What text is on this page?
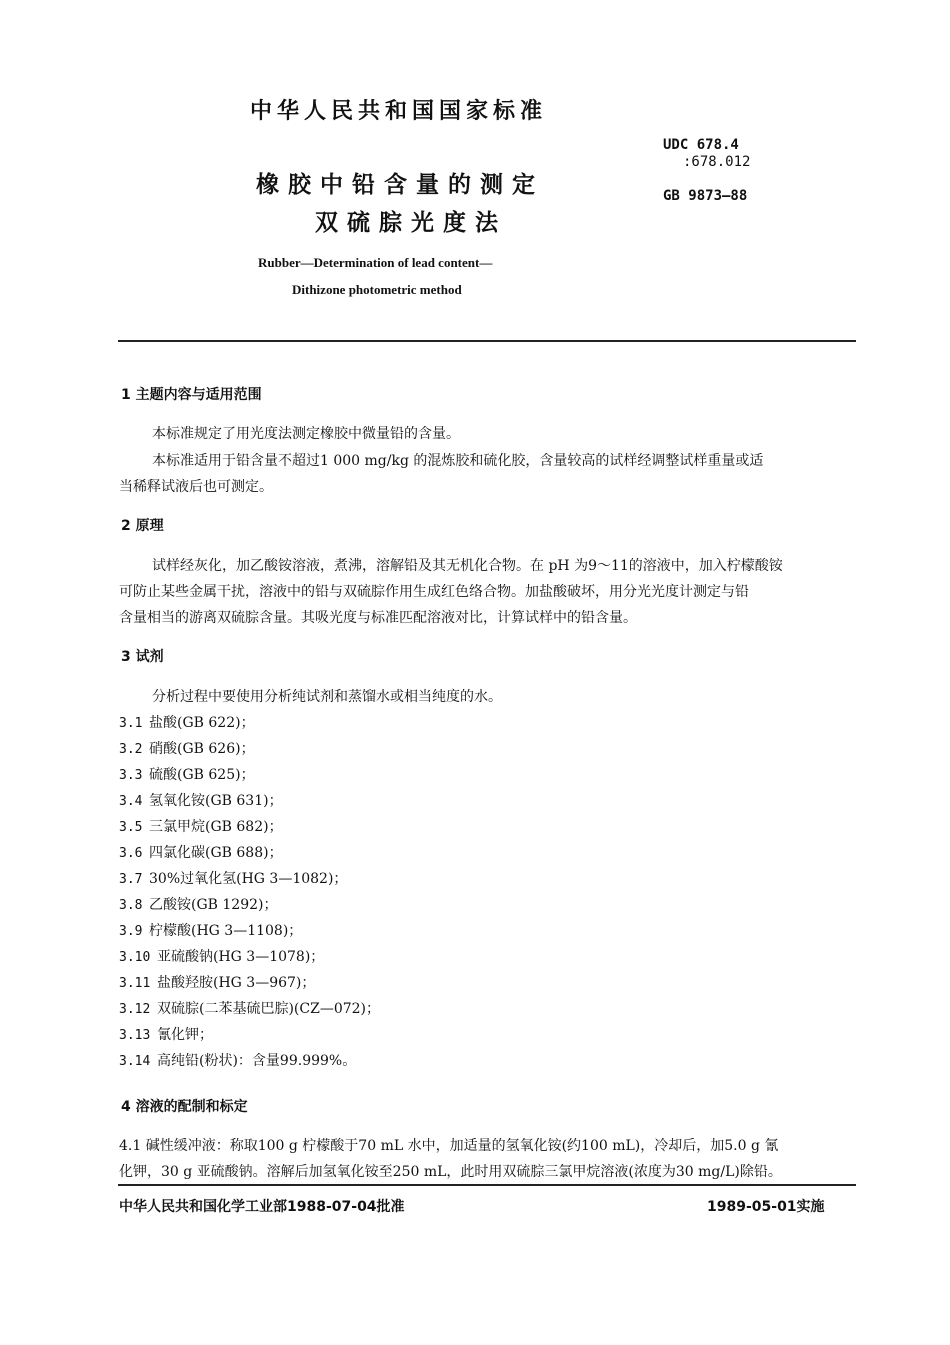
中华人民共和国国家标准
橡胶中铅含量的测定
双硫腙光度法
Rubber—Determination of lead content—
Dithizone photometric method
UDC 678.4
:678.012
GB 9873—88
1 主题内容与适用范围
本标准规定了用光度法测定橡胶中微量铅的含量。
本标准适用于铅含量不超过1 000 mg/kg 的混炼胶和硫化胶，含量较高的试样经调整试样重量或适
当稀释试液后也可测定。
2 原理
试样经灰化，加乙酸铵溶液，煮沸，溶解铅及其无机化合物。在 pH 为9～11的溶液中，加入柠檬酸铵
可防止某些金属干扰，溶液中的铅与双硫腙作用生成红色络合物。加盐酸破坏，用分光光度计测定与铅
含量相当的游离双硫腙含量。其吸光度与标准匹配溶液对比，计算试样中的铅含量。
3 试剂
分析过程中要使用分析纯试剂和蒸馏水或相当纯度的水。
3.1 盐酸(GB 622)；
3.2 硝酸(GB 626)；
3.3 硫酸(GB 625)；
3.4 氢氧化铵(GB 631)；
3.5 三氯甲烷(GB 682)；
3.6 四氯化碳(GB 688)；
3.7 30%过氧化氢(HG 3—1082)；
3.8 乙酸铵(GB 1292)；
3.9 柠檬酸(HG 3—1108)；
3.10 亚硫酸钠(HG 3—1078)；
3.11 盐酸羟胺(HG 3—967)；
3.12 双硫腙(二苯基硫巴腙)(CZ—072)；
3.13 氰化钾；
3.14 高纯铅(粉状)：含量99.999%。
4 溶液的配制和标定
4.1 碱性缓冲液：称取100 g 柠檬酸于70 mL 水中，加适量的氢氧化铵(约100 mL)，冷却后，加5.0 g 氰
化钾，30 g 亚硫酸钠。溶解后加氢氧化铵至250 mL，此时用双硫腙三氯甲烷溶液(浓度为30 mg/L)除铅。
中华人民共和国化学工业部1988-07-04批准	1989-05-01实施
